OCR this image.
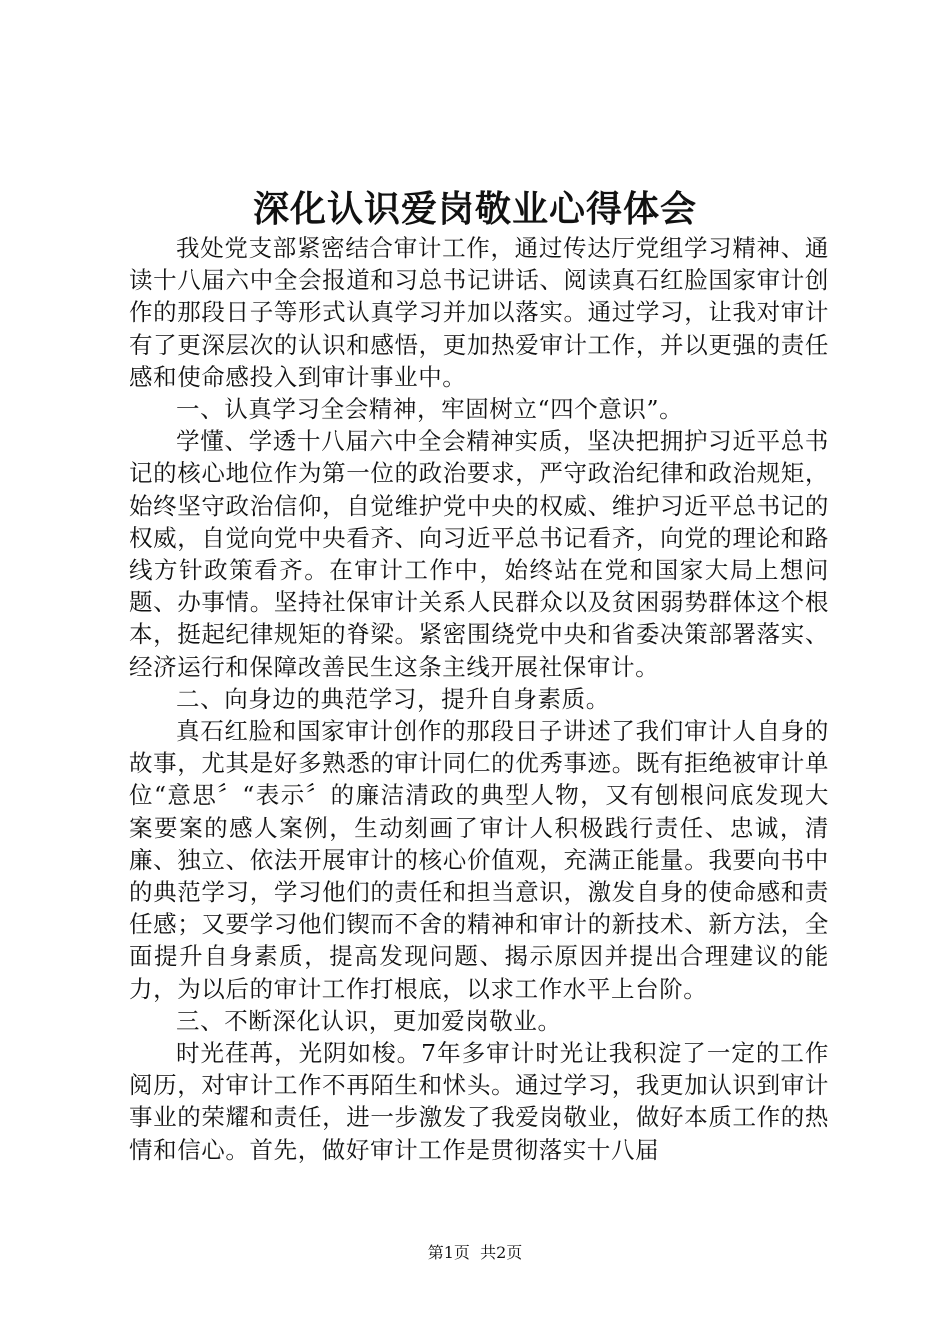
深化认识爱岗敬业心得体会

我处党支部紧密结合审计工作，通过传达厅党组学习精神、通读十八届六中全会报道和习总书记讲话、阅读真石红脸国家审计创作的那段日子等形式认真学习并加以落实。通过学习，让我对审计有了更深层次的认识和感悟，更加热爱审计工作，并以更强的责任感和使命感投入到审计事业中。

一、认真学习全会精神，牢固树立“四个意识”。

学懂、学透十八届六中全会精神实质，坚决把拥护习近平总书记的核心地位作为第一位的政治要求，严守政治纪律和政治规矩，始终坚守政治信仰，自觉维护党中央的权威、维护习近平总书记的权威，自觉向党中央看齐、向习近平总书记看齐，向党的理论和路线方针政策看齐。在审计工作中，始终站在党和国家大局上想问题、办事情。坚持社保审计关系人民群众以及贫困弱势群体这个根本，挺起纪律规矩的脊梁。紧密围绕党中央和省委决策部署落实、经济运行和保障改善民生这条主线开展社保审计。

二、向身边的典范学习，提升自身素质。

真石红脸和国家审计创作的那段日子讲述了我们审计人自身的故事，尤其是好多熟悉的审计同仁的优秀事迹。既有拒绝被审计单位“意思〞“表示〞的廉洁清政的典型人物，又有刨根问底发现大案要案的感人案例，生动刻画了审计人积极践行责任、忠诚，清廉、独立、依法开展审计的核心价值观，充满正能量。我要向书中的典范学习，学习他们的责任和担当意识，激发自身的使命感和责任感；又要学习他们锲而不舍的精神和审计的新技术、新方法，全面提升自身素质，提高发现问题、揭示原因并提出合理建议的能力，为以后的审计工作打根底，以求工作水平上台阶。

三、不断深化认识，更加爱岗敬业。

时光荏苒，光阴如梭。7年多审计时光让我积淀了一定的工作阅历，对审计工作不再陌生和怵头。通过学习，我更加认识到审计事业的荣耀和责任，进一步激发了我爱岗敬业，做好本质工作的热情和信心。首先，做好审计工作是贯彻落实十八届

第1页 共2页
